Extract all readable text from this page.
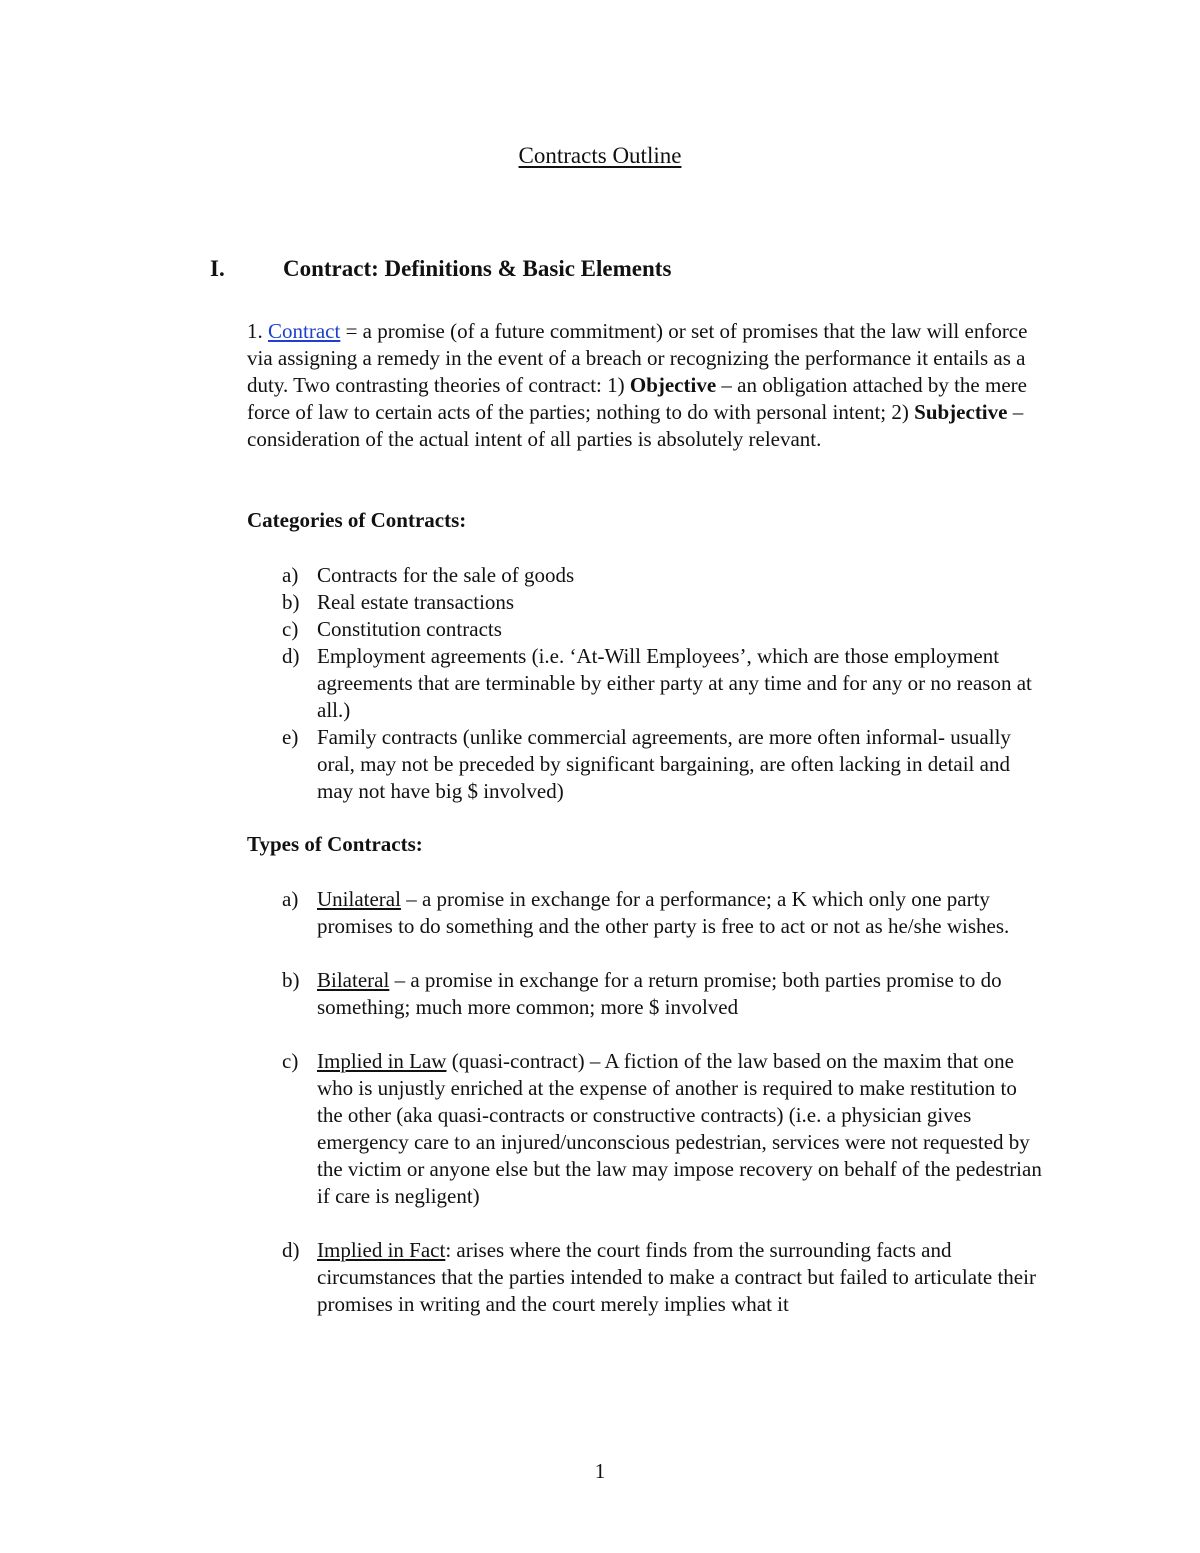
Contracts Outline
I.	Contract: Definitions & Basic Elements
1. Contract = a promise (of a future commitment) or set of promises that the law will enforce via assigning a remedy in the event of a breach or recognizing the performance it entails as a duty. Two contrasting theories of contract: 1) Objective – an obligation attached by the mere force of law to certain acts of the parties; nothing to do with personal intent; 2) Subjective – consideration of the actual intent of all parties is absolutely relevant.
Categories of Contracts:
a) Contracts for the sale of goods
b) Real estate transactions
c) Constitution contracts
d) Employment agreements (i.e. ‘At-Will Employees’, which are those employment agreements that are terminable by either party at any time and for any or no reason at all.)
e) Family contracts (unlike commercial agreements, are more often informal- usually oral, may not be preceded by significant bargaining, are often lacking in detail and may not have big $ involved)
Types of Contracts:
a) Unilateral – a promise in exchange for a performance; a K which only one party promises to do something and the other party is free to act or not as he/she wishes.
b) Bilateral – a promise in exchange for a return promise; both parties promise to do something; much more common; more $ involved
c) Implied in Law (quasi-contract) – A fiction of the law based on the maxim that one who is unjustly enriched at the expense of another is required to make restitution to the other (aka quasi-contracts or constructive contracts) (i.e. a physician gives emergency care to an injured/unconscious pedestrian, services were not requested by the victim or anyone else but the law may impose recovery on behalf of the pedestrian if care is negligent)
d) Implied in Fact: arises where the court finds from the surrounding facts and circumstances that the parties intended to make a contract but failed to articulate their promises in writing and the court merely implies what it
1
